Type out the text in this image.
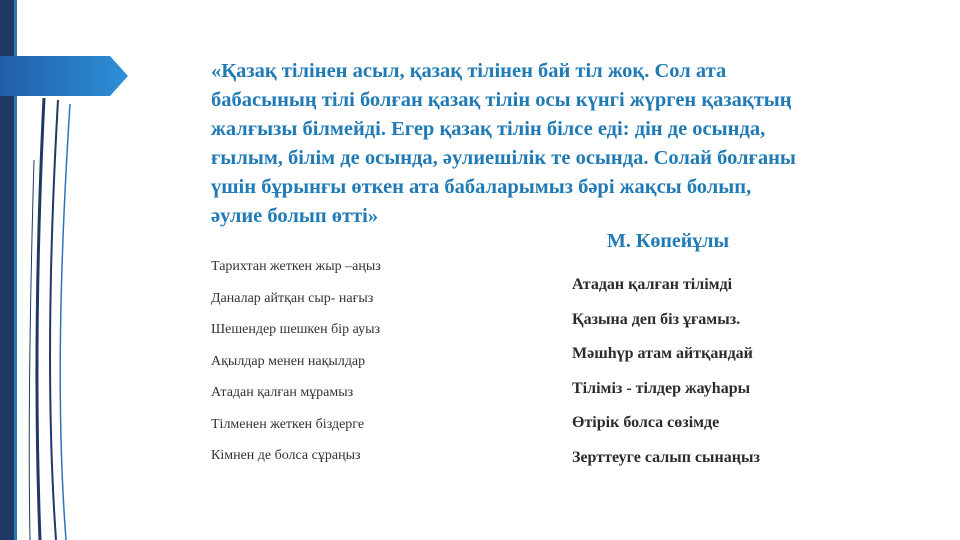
«Қазақ тілінен асыл, қазақ тілінен бай тіл жоқ. Сол ата
бабасының тілі болған қазақ тілін осы күнгі жүрген қазақтың
жалғызы білмейді. Егер қазақ тілін білсе еді: дін де осында,
ғылым, білім де осында, әулиешілік те осында. Солай болғаны
үшін бұрынғы өткен ата бабаларымыз бәрі жақсы болып,
әулие болып өтті»

М. Көпейұлы

Тарихтан жеткен жыр –аңыз
Даналар айтқан сыр- нағыз
Шешендер шешкен бір ауыз
Ақылдар менен нақылдар
Атадан қалған мұрамыз
Тілменен жеткен біздерге
Кімнен де болса сұраңыз
Атадан қалған тілімді
Қазына деп біз ұғамыз.
Мәшһүр атам айтқандай
Тіліміз - тілдер жауһары
Өтірік болса сөзімде
Зерттеуге салып сынаңыз
